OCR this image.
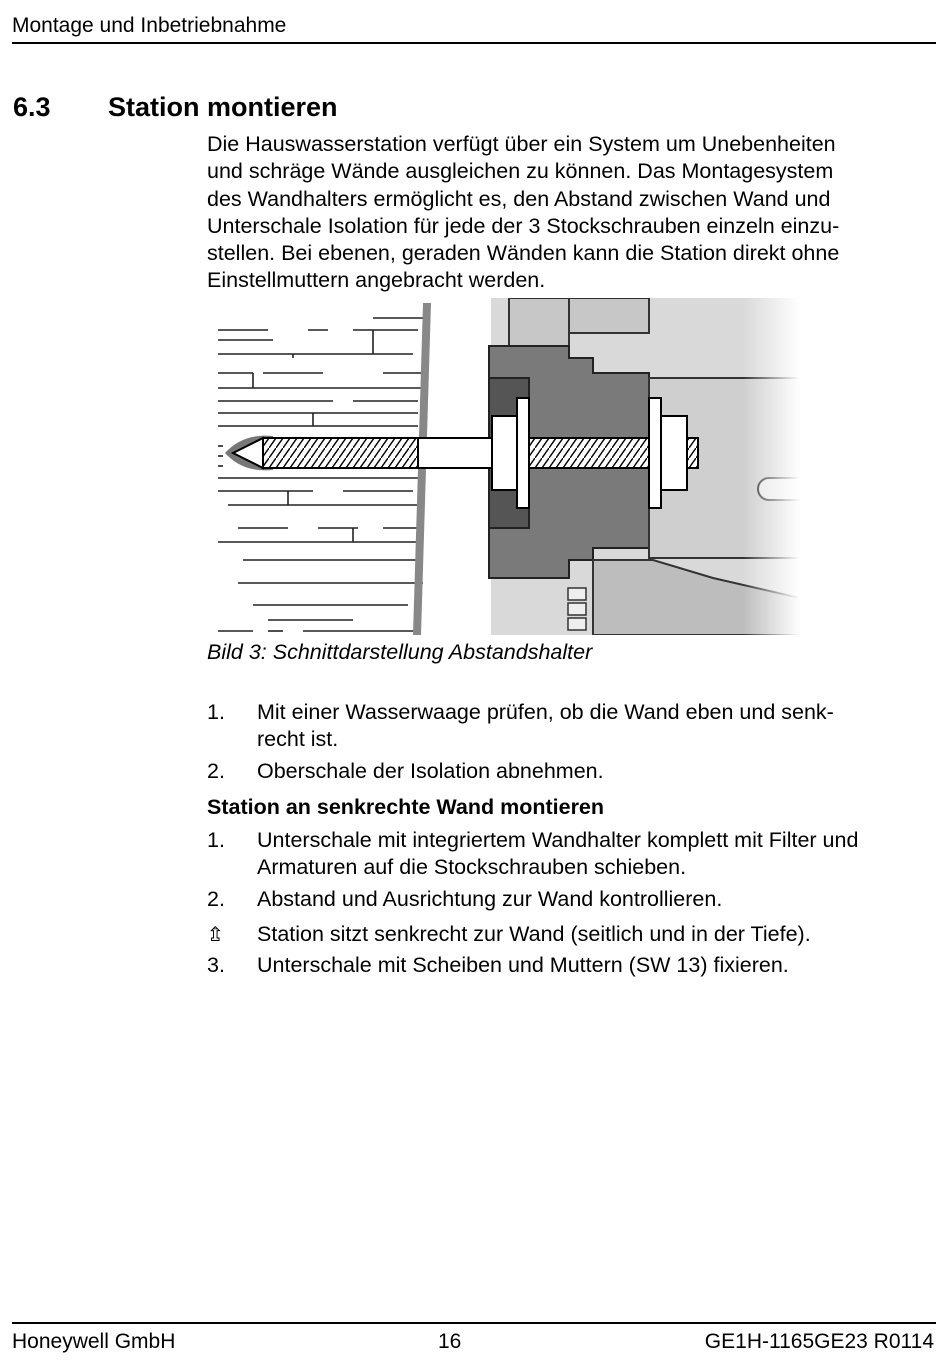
Montage und Inbetriebnahme
6.3 Station montieren
Die Hauswasserstation verfügt über ein System um Unebenheiten
und schräge Wände ausgleichen zu können. Das Montagesystem
des Wandhalters ermöglicht es, den Abstand zwischen Wand und
Unterschale Isolation für jede der 3 Stockschrauben einzeln einzu-
stellen. Bei ebenen, geraden Wänden kann die Station direkt ohne
Einstellmuttern angebracht werden.
Bild 3: Schnittdarstellung Abstandshalter
1. Mit einer Wasserwaage prüfen, ob die Wand eben und senk-
recht ist.
2. Oberschale der Isolation abnehmen.
Station an senkrechte Wand montieren
1. Unterschale mit integriertem Wandhalter komplett mit Filter und
Armaturen auf die Stockschrauben schieben.
2. Abstand und Ausrichtung zur Wand kontrollieren.
⇬ Station sitzt senkrecht zur Wand (seitlich und in der Tiefe).
3. Unterschale mit Scheiben und Muttern (SW 13) fixieren.
Honeywell GmbH	16	GE1H-1165GE23 R0114
